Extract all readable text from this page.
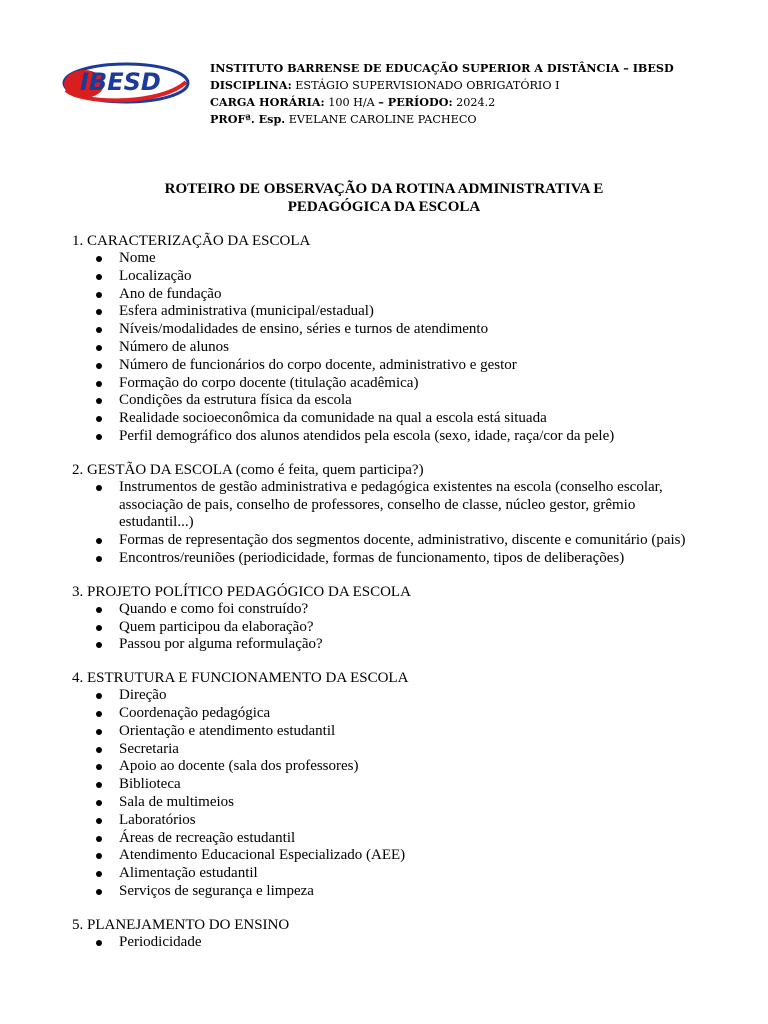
IBESD	INSTITUTO BARRENSE DE EDUCAÇÃO SUPERIOR A DISTÂNCIA – IBESD
DISCIPLINA: ESTÁGIO SUPERVISIONADO OBRIGATÓRIO I
CARGA HORÁRIA: 100 H/A – PERÍODO: 2024.2
PROFª. Esp. EVELANE CAROLINE PACHECO
ROTEIRO DE OBSERVAÇÃO DA ROTINA ADMINISTRATIVA E
PEDAGÓGICA DA ESCOLA
1. CARACTERIZAÇÃO DA ESCOLA
Nome
Localização
Ano de fundação
Esfera administrativa (municipal/estadual)
Níveis/modalidades de ensino, séries e turnos de atendimento
Número de alunos
Número de funcionários do corpo docente, administrativo e gestor
Formação do corpo docente (titulação acadêmica)
Condições da estrutura física da escola
Realidade socioeconômica da comunidade na qual a escola está situada
Perfil demográfico dos alunos atendidos pela escola (sexo, idade, raça/cor da pele)
2. GESTÃO DA ESCOLA (como é feita, quem participa?)
Instrumentos de gestão administrativa e pedagógica existentes na escola (conselho escolar, associação de pais, conselho de professores, conselho de classe, núcleo gestor, grêmio estudantil...)
Formas de representação dos segmentos docente, administrativo, discente e comunitário (pais)
Encontros/reuniões (periodicidade, formas de funcionamento, tipos de deliberações)
3. PROJETO POLÍTICO PEDAGÓGICO DA ESCOLA
Quando e como foi construído?
Quem participou da elaboração?
Passou por alguma reformulação?
4. ESTRUTURA E FUNCIONAMENTO DA ESCOLA
Direção
Coordenação pedagógica
Orientação e atendimento estudantil
Secretaria
Apoio ao docente (sala dos professores)
Biblioteca
Sala de multimeios
Laboratórios
Áreas de recreação estudantil
Atendimento Educacional Especializado (AEE)
Alimentação estudantil
Serviços de segurança e limpeza
5. PLANEJAMENTO DO ENSINO
Periodicidade
